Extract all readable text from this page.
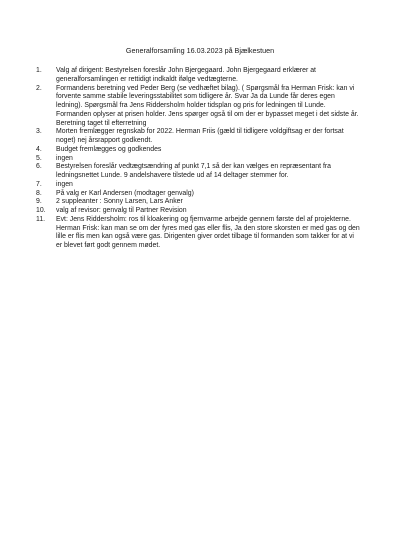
Generalforsamling 16.03.2023 på Bjælkestuen
1. Valg af dirigent: Bestyrelsen foreslår John Bjergegaard. John Bjergegaard erklærer at
generalforsamlingen er rettidigt indkaldt ifølge vedtægterne.
2. Formandens beretning ved Peder Berg (se vedhæftet bilag). ( Spørgsmål fra Herman Frisk: kan vi
forvente samme stabile leveringsstabilitet som tidligere år. Svar Ja da Lunde får deres egen
ledning). Spørgsmål fra Jens Riddersholm holder tidsplan og pris for ledningen til Lunde.
Formanden oplyser at prisen holder. Jens spørger også til om der er bypasset meget i det sidste år.
Beretning taget til efterretning
3. Morten fremlægger regnskab for 2022. Herman Friis (gæld til tidligere voldgiftsag er der fortsat
noget) nej årsrapport godkendt.
4. Budget fremlægges og godkendes
5. ingen
6. Bestyrelsen foreslår vedtægtsændring af punkt 7,1 så der kan vælges en repræsentant fra
ledningsnettet Lunde. 9 andelshavere tilstede ud af 14 deltager stemmer for.
7. ingen
8. På valg er Karl Andersen (modtager genvalg)
9. 2 suppleanter : Sonny Larsen, Lars Anker
10. valg af revisor: genvalg til Partner Revision
11. Evt: Jens Riddersholm: ros til kloakering og fjernvarme arbejde gennem første del af projekterne.
Herman Frisk: kan man se om der fyres med gas eller flis, Ja den store skorsten er med gas og den
lille er flis men kan også være gas. Dirigenten giver ordet tilbage til formanden som takker for at vi
er blevet ført godt gennem mødet.
